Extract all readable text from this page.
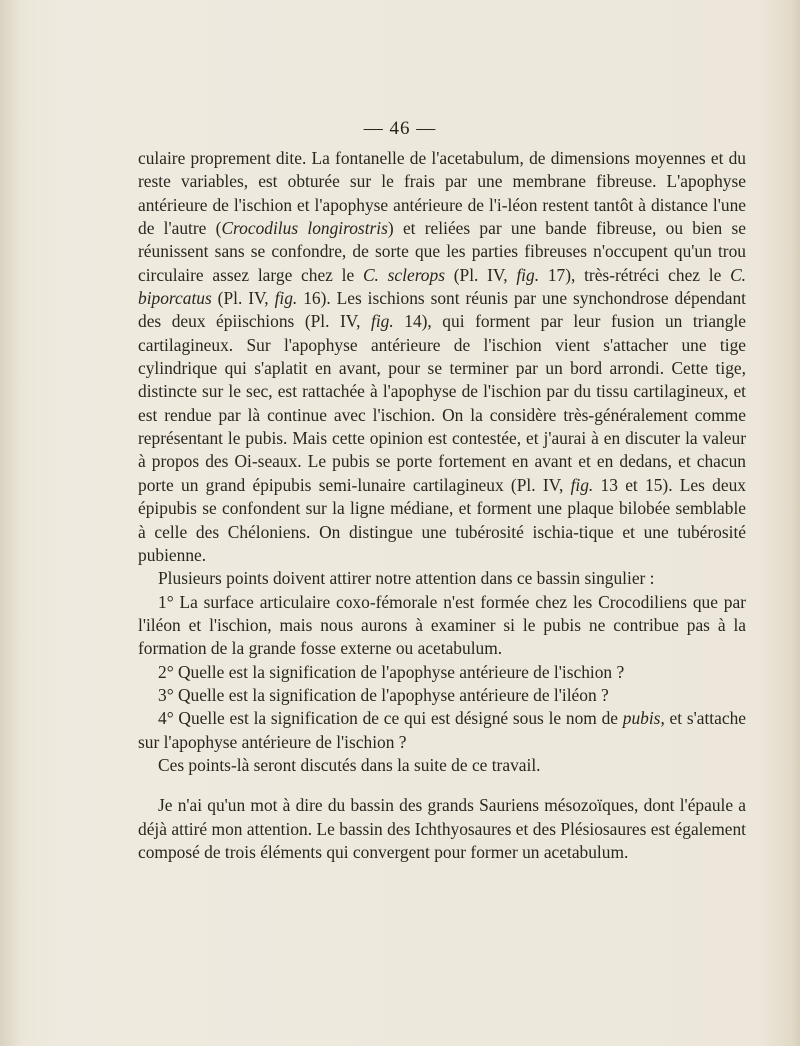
— 46 —

culaire proprement dite. La fontanelle de l'acetabulum, de dimensions moyennes et du reste variables, est obturée sur le frais par une membrane fibreuse. L'apophyse antérieure de l'ischion et l'apophyse antérieure de l'i-léon restent tantôt à distance l'une de l'autre (Crocodilus longirostris) et reliées par une bande fibreuse, ou bien se réunissent sans se confondre, de sorte que les parties fibreuses n'occupent qu'un trou circulaire assez large chez le C. sclerops (Pl. IV, fig. 17), très-rétréci chez le C. biporcatus (Pl. IV, fig. 16). Les ischions sont réunis par une synchondrose dépendant des deux épiischions (Pl. IV, fig. 14), qui forment par leur fusion un triangle cartilagineux. Sur l'apophyse antérieure de l'ischion vient s'attacher une tige cylindrique qui s'aplatit en avant, pour se terminer par un bord arrondi. Cette tige, distincte sur le sec, est rattachée à l'apophyse de l'ischion par du tissu cartilagineux, et est rendue par là continue avec l'ischion. On la considère très-généralement comme représentant le pubis. Mais cette opinion est contestée, et j'aurai à en discuter la valeur à propos des Oi-seaux. Le pubis se porte fortement en avant et en dedans, et chacun porte un grand épipubis semi-lunaire cartilagineux (Pl. IV, fig. 13 et 15). Les deux épipubis se confondent sur la ligne médiane, et forment une plaque bilobée semblable à celle des Chéloniens. On distingue une tubérosité ischia-tique et une tubérosité pubienne.

Plusieurs points doivent attirer notre attention dans ce bassin singulier :

1° La surface articulaire coxo-fémorale n'est formée chez les Crocodiliens que par l'iléon et l'ischion, mais nous aurons à examiner si le pubis ne contribue pas à la formation de la grande fosse externe ou acetabulum.

2° Quelle est la signification de l'apophyse antérieure de l'ischion ?

3° Quelle est la signification de l'apophyse antérieure de l'iléon ?

4° Quelle est la signification de ce qui est désigné sous le nom de pubis, et s'attache sur l'apophyse antérieure de l'ischion ?

Ces points-là seront discutés dans la suite de ce travail.

Je n'ai qu'un mot à dire du bassin des grands Sauriens mésozoïques, dont l'épaule a déjà attiré mon attention. Le bassin des Ichthyosaures et des Plésiosaures est également composé de trois éléments qui convergent pour former un acetabulum.
